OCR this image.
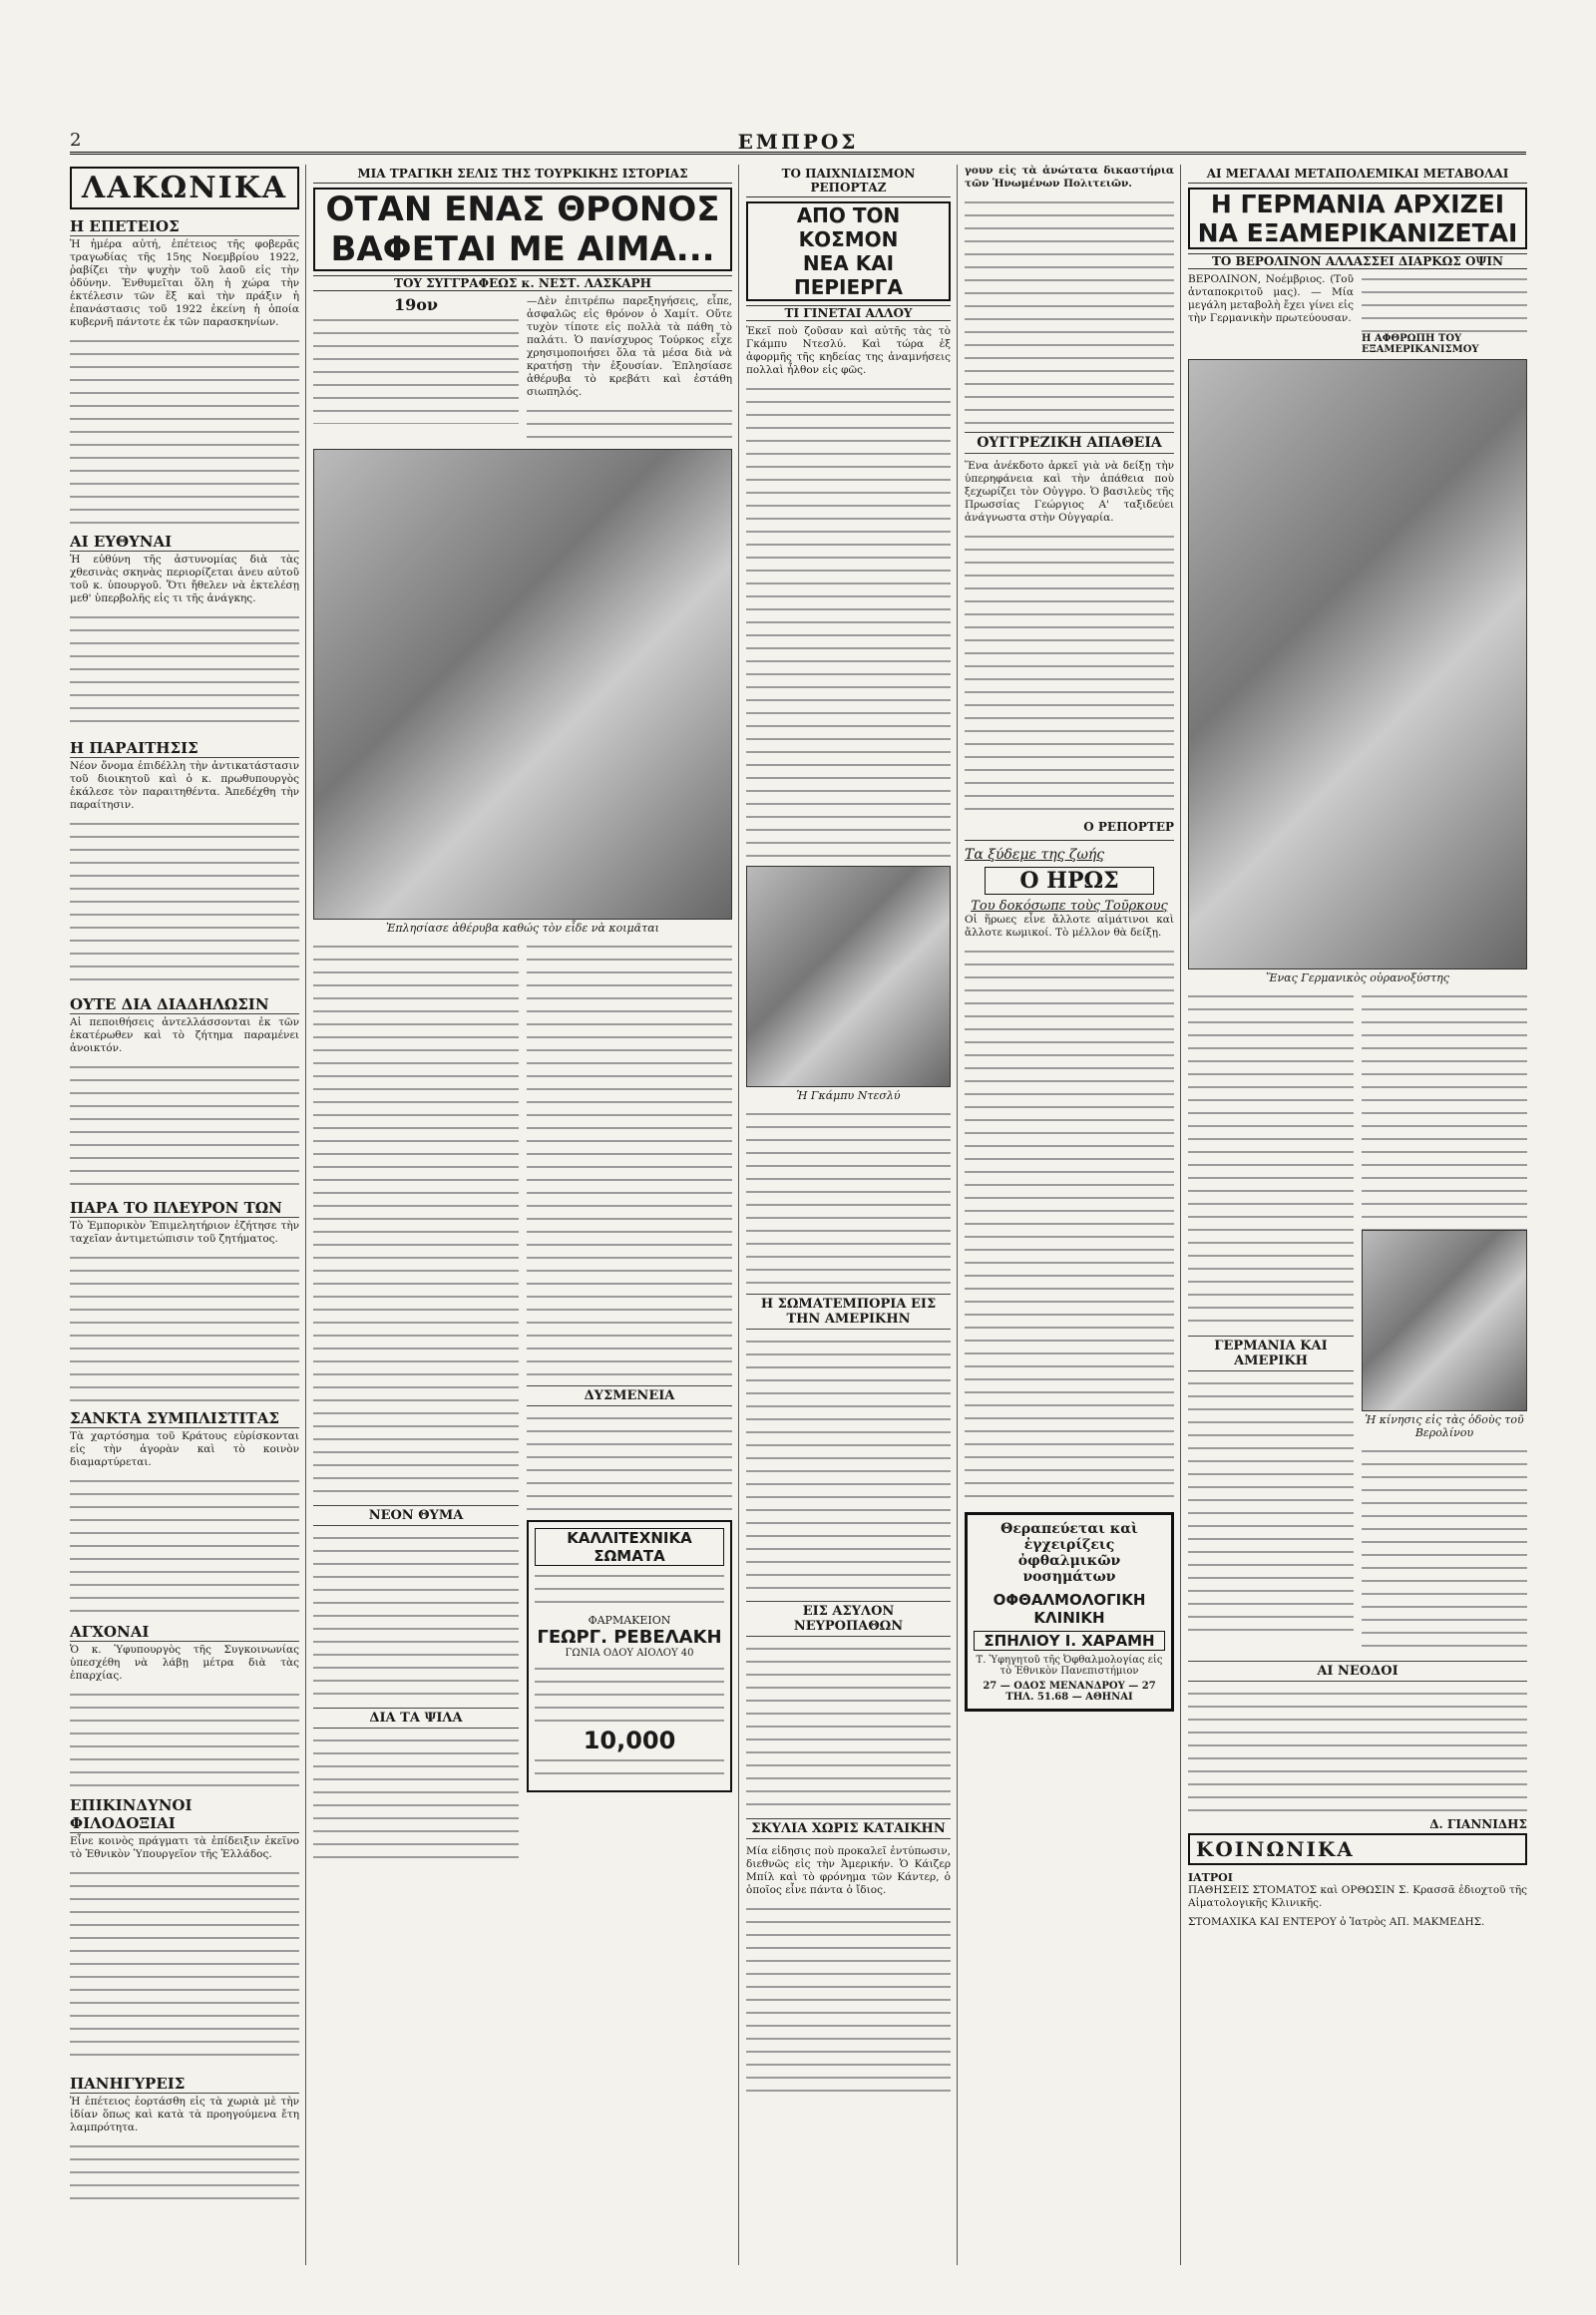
2	ΕΜΠΡΟΣ
ΛΑΚΩΝΙΚΑ
Η ΕΠΕΤΕΙΟΣ

Ἡ ἡμέρα αὐτή, ἐπέτειος τῆς φοβερᾶς τραγωδίας τῆς 15ης Νοεμβρίου 1922, ῥαβίζει τὴν ψυχὴν τοῦ λαοῦ εἰς τὴν ὀδύνην. Ἐνθυμεῖται ὅλη ἡ χώρα τὴν ἐκτέλεσιν τῶν ἕξ καὶ τὴν πράξιν ἡ ἐπανάστασις τοῦ 1922 ἐκείνη ἡ ὁποία κυβερνῆ πάντοτε ἐκ τῶν παρασκηνίων.

ΑΙ ΕΥΘΥΝΑΙ

Ἡ εὐθύνη τῆς ἀστυνομίας διὰ τὰς χθεσινὰς σκηνὰς περιορίζεται ἀνευ αὐτοῦ τοῦ κ. ὑπουργοῦ. Ὅτι ἤθελεν νὰ ἐκτελέσῃ μεθ' ὑπερβολῆς εἰς τι τῆς ἀνάγκης.

Η ΠΑΡΑΙΤΗΣΙΣ

Νέον ὄνομα ἐπιδέλλη τὴν ἀντικατάστασιν τοῦ διοικητοῦ καὶ ὁ κ. πρωθυπουργὸς ἐκάλεσε τὸν παραιτηθέντα. Ἀπεδέχθη τὴν παραίτησιν.

ΟΥΤΕ ΔΙΑ ΔΙΑΔΗΛΩΣΙΝ

Αἱ πεποιθήσεις ἀντελλάσσονται ἐκ τῶν ἑκατέρωθεν καὶ τὸ ζήτημα παραμένει ἀνοικτόν.

ΠΑΡΑ ΤΟ ΠΛΕΥΡΟΝ ΤΩΝ

Τὸ Ἐμπορικὸν Ἐπιμελητήριον ἐζήτησε τὴν ταχεῖαν ἀντιμετώπισιν τοῦ ζητήματος.

ΣΑΝΚΤΑ ΣΥΜΠΛΙΣΤΙΤΑΣ

Τὰ χαρτόσημα τοῦ Κράτους εὑρίσκονται εἰς τὴν ἀγορὰν καὶ τὸ κοινὸν διαμαρτύρεται.

ΑΓΧΟΝΑΙ

Ὁ κ. Ὑφυπουργὸς τῆς Συγκοινωνίας ὑπεσχέθη νὰ λάβῃ μέτρα διὰ τὰς ἐπαρχίας.

ΕΠΙΚΙΝΔΥΝΟΙ ΦΙΛΟΔΟΞΙΑΙ

Εἶνε κοινὸς πράγματι τὰ ἐπίδειξιν ἐκεῖνο τὸ Ἑθνικὸν Ὑπουργεῖον τῆς Ἑλλάδος.

ΠΑΝΗΓΥΡΕΙΣ

Ἡ ἐπέτειος ἐορτάσθη εἰς τὰ χωριὰ μὲ τὴν ἰδίαν ὅπως καὶ κατὰ τὰ προηγούμενα ἔτη λαμπρότητα.

ΜΙΑ ΤΡΑΓΙΚΗ ΣΕΛΙΣ ΤΗΣ ΤΟΥΡΚΙΚΗΣ ΙΣΤΟΡΙΑΣ
ΟΤΑΝ ΕΝΑΣ ΘΡΟΝΟΣ
ΒΑΦΕΤΑΙ ΜΕ ΑΙΜΑ...
ΤΟΥ ΣΥΓΓΡΑΦΕΩΣ κ. ΝΕΣΤ. ΛΑΣΚΑΡΗ
19ον	—Δὲν ἐπιτρέπω παρεξηγήσεις, εἶπε, ἀσφαλῶς εἰς θρόνον ὁ Χαμίτ. Οὔτε τυχὸν τίποτε εἰς πολλὰ τὰ πάθη τὸ παλάτι. Ὁ πανίσχυρος Τούρκος εἶχε χρησιμοποιήσει ὅλα τὰ μέσα διὰ νὰ κρατήσῃ τὴν ἐξουσίαν. Ἐπλησίασε ἀθέρυβα τὸ κρεβάτι καὶ ἐστάθη σιωπηλός.

Ἐπλησίασε ἀθέρυβα καθώς τὸν εἶδε νὰ κοιμᾶται
ΝΕΟΝ ΘΥΜΑ
ΔΙΑ ΤΑ ΨΙΛΑ
ΔΥΣΜΕΝΕΙΑ
ΚΑΛΛΙΤΕΧΝΙΚΑ ΣΩΜΑΤΑ
ΦΑΡΜΑΚΕΙΟΝ
ΓΕΩΡΓ. ΡΕΒΕΛΑΚΗ
ΓΩΝΙΑ ΟΔΟΥ ΑΙΟΛΟΥ 40
10,000
ΤΟ ΠΑΙΧΝΙΔΙΣΜΟΝ ΡΕΠΟΡΤΑΖ
ΑΠΟ ΤΟΝ ΚΟΣΜΟΝ
ΝΕΑ ΚΑΙ ΠΕΡΙΕΡΓΑ
ΤΙ ΓΙΝΕΤΑΙ ΑΛΛΟΥ

Ἐκεῖ ποὺ ζοῦσαν καὶ αὐτῆς τὰς τὸ Γκάμπυ Ντεσλύ. Καὶ τώρα ἐξ ἀφορμῆς τῆς κηδείας της ἀναμνήσεις πολλαὶ ἦλθον εἰς φῶς.

Ἡ Γκάμπυ Ντεσλύ
Η ΣΩΜΑΤΕΜΠΟΡΙΑ ΕΙΣ ΤΗΝ ΑΜΕΡΙΚΗΝ
ΕΙΣ ΑΣΥΛΟΝ ΝΕΥΡΟΠΑΘΩΝ
ΣΚΥΛΙΑ ΧΩΡΙΣ ΚΑΤΑΙΚΗΝ

Μία εἰδησις ποὺ προκαλεῖ ἐντύπωσιν, διεθνῶς εἰς τὴν Ἀμερικήν. Ὁ Κάιζερ Μπίλ καὶ τὸ φρόνημα τῶν Κάντερ, ὁ ὁποῖος εἶνε πάντα ὁ ἴδιος.

γουν εἰς τὰ ἀνώτατα δικαστήρια τῶν Ἡνωμένων Πολιτειῶν.

ΟΥΓΓΡΕΖΙΚΗ ΑΠΑΘΕΙΑ

Ἕνα ἀνέκδοτο ἀρκεῖ γιὰ νὰ δείξῃ τὴν ὑπερηφάνεια καὶ τὴν ἀπάθεια ποὺ ξεχωρίζει τὸν Οὐγγρο. Ὁ βασιλεὺς τῆς Πρωσσίας Γεώργιος Α' ταξιδεύει ἀνάγνωστα στὴν Οὐγγαρία.

Ο ΡΕΠΟΡΤΕΡ
Τα ξύδεμε της ζωής
Ο ΗΡΩΣ
Του δοκόσωπε τοὺς Τοῦρκους

Οἱ ἥρωες εἶνε ἄλλοτε αἰμάτινοι καὶ ἄλλοτε κωμικοί. Τὸ μέλλον θὰ δείξῃ.

Θεραπεύεται καὶ ἐγχειρίζεις ὀφθαλμικῶν νοσημάτων
ΟΦΘΑΛΜΟΛΟΓΙΚΗ ΚΛΙΝΙΚΗ
ΣΠΗΛΙΟΥ Ι. ΧΑΡΑΜΗ
Τ. Ὑφηγητοῦ τῆς Ὀφθαλμολογίας εἰς τὸ Ἐθνικὸν Πανεπιστήμιον
27 — ΟΔΟΣ ΜΕΝΑΝΔΡΟΥ — 27
ΤΗΛ. 51.68 — ΑΘΗΝΑΙ
ΑΙ ΜΕΓΑΛΑΙ ΜΕΤΑΠΟΛΕΜΙΚΑΙ ΜΕΤΑΒΟΛΑΙ
Η ΓΕΡΜΑΝΙΑ ΑΡΧΙΖΕΙ
ΝΑ ΕΞΑΜΕΡΙΚΑΝΙΖΕΤΑΙ
ΤΟ ΒΕΡΟΛΙΝΟΝ ΑΛΛΑΣΣΕΙ ΔΙΑΡΚΩΣ ΟΨΙΝ

ΒΕΡΟΛΙΝΟΝ, Νοέμβριος. (Τοῦ ἀνταποκριτοῦ μας). — Μία μεγάλη μεταβολὴ ἔχει γίνει εἰς τὴν Γερμανικὴν πρωτεύουσαν.

Η ΑΦΘΡΩΠΗ ΤΟΥ ΕΞΑΜΕΡΙΚΑΝΙΣΜΟΥ
Ἕνας Γερμανικὸς οὐρανοξύστης
ΓΕΡΜΑΝΙΑ ΚΑΙ ΑΜΕΡΙΚΗ
Ἡ κίνησις εἰς τὰς ὁδοὺς τοῦ Βερολίνου
ΑΙ ΝΕΟΔΟΙ
Δ. ΓΙΑΝΝΙΔΗΣ
ΚΟΙΝΩΝΙΚΑ
ΙΑΤΡΟΙ

ΠΑΘΗΣΕΙΣ ΣΤΟΜΑΤΟΣ καὶ ΟΡΘΩΣΙΝ Σ. Κρασσᾶ ἐδιοχτοῦ τῆς Αἱματολογικῆς Κλινικῆς.

ΣΤΟΜΑΧΙΚΑ ΚΑΙ ΕΝΤΕΡΟΥ ὁ Ἰατρὸς ΑΠ. ΜΑΚΜΕΔΗΣ.
